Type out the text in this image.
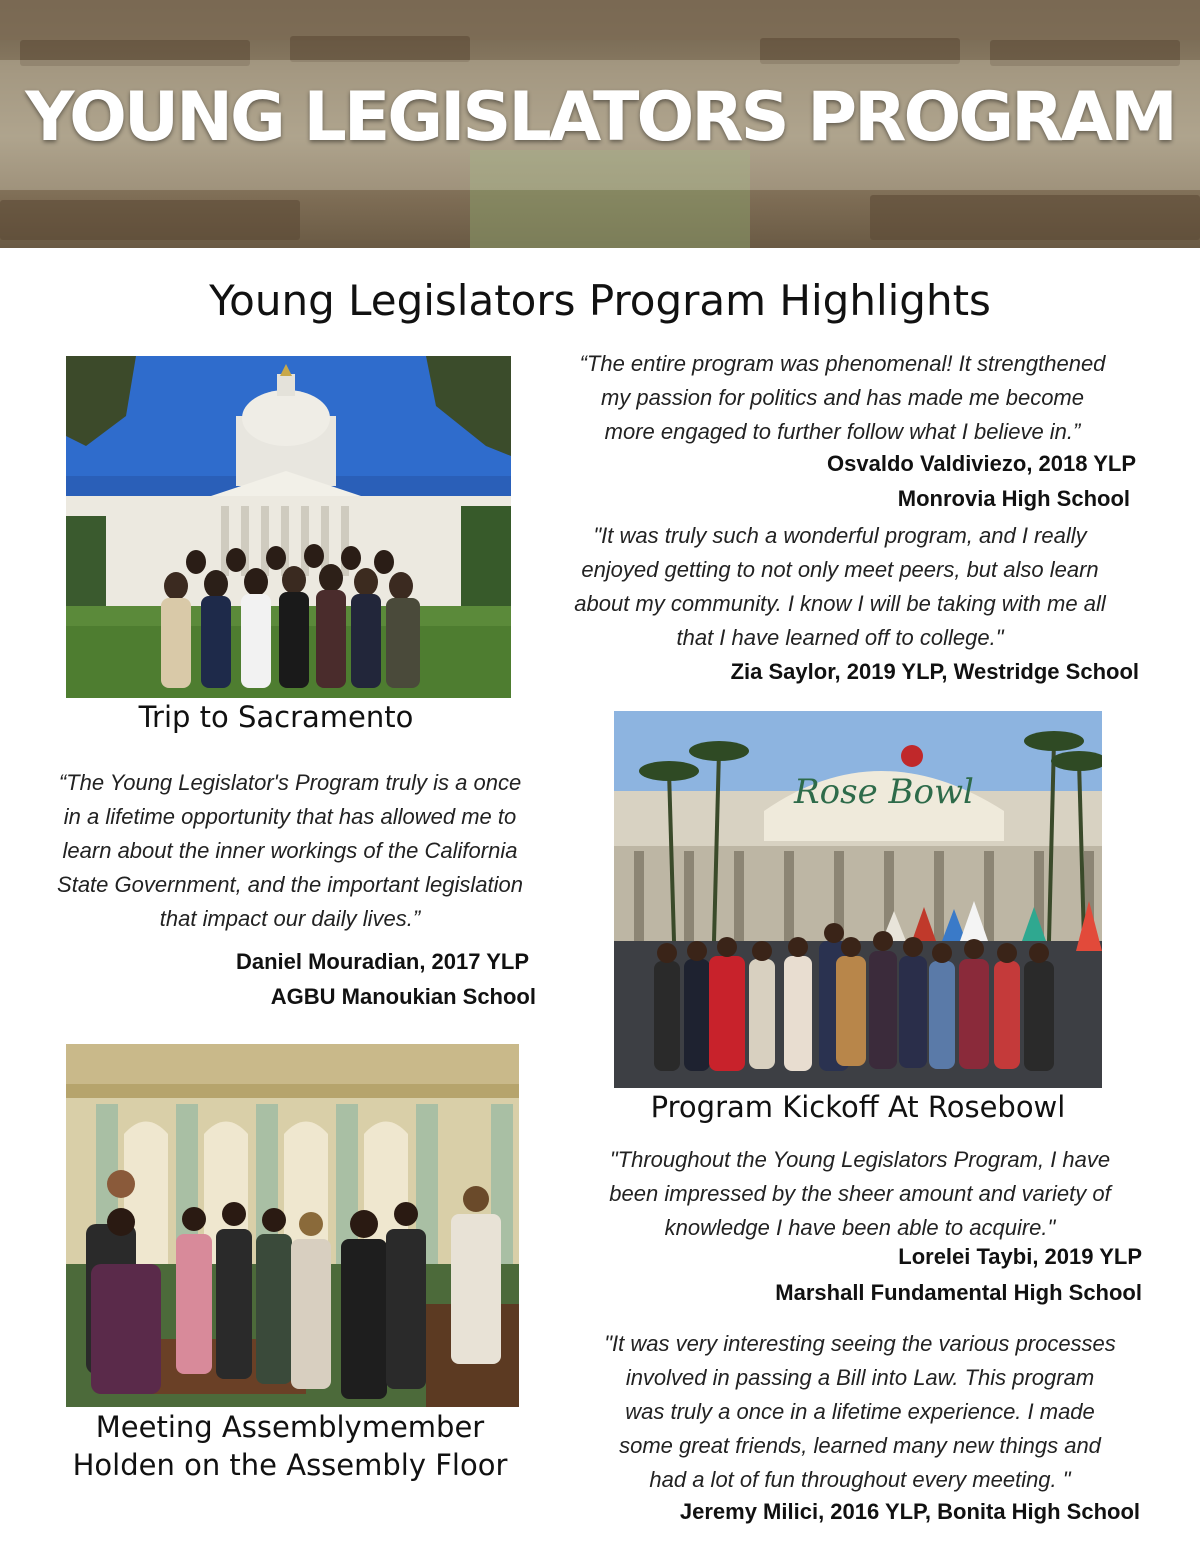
YOUNG LEGISLATORS PROGRAM
Young Legislators Program Highlights
Trip to Sacramento
“The entire program was phenomenal! It strengthened
my passion for politics and has made me become
more engaged to further follow what I believe in.”
Osvaldo Valdiviezo, 2018 YLP
Monrovia High School
"It was truly such a wonderful program, and I really
enjoyed getting to not only meet peers, but also learn
about my community. I know I will be taking with me all
that I have learned off to college."
Zia Saylor, 2019 YLP, Westridge School
“The Young Legislator's Program truly is a once
in a lifetime opportunity that has allowed me to
learn about the inner workings of the California
State Government, and the important legislation
that impact our daily lives.”
Daniel Mouradian, 2017 YLP
AGBU Manoukian School
Rose Bowl
Program Kickoff At Rosebowl
Meeting Assemblymember
Holden on the Assembly Floor
"Throughout the Young Legislators Program, I have
been impressed by the sheer amount and variety of
knowledge I have been able to acquire."
Lorelei Taybi, 2019 YLP
Marshall Fundamental High School
"It was very interesting seeing the various processes
involved in passing a Bill into Law. This program
was truly a once in a lifetime experience. I made
some great friends, learned many new things and
had a lot of fun throughout every meeting. "
Jeremy Milici, 2016 YLP, Bonita High School
